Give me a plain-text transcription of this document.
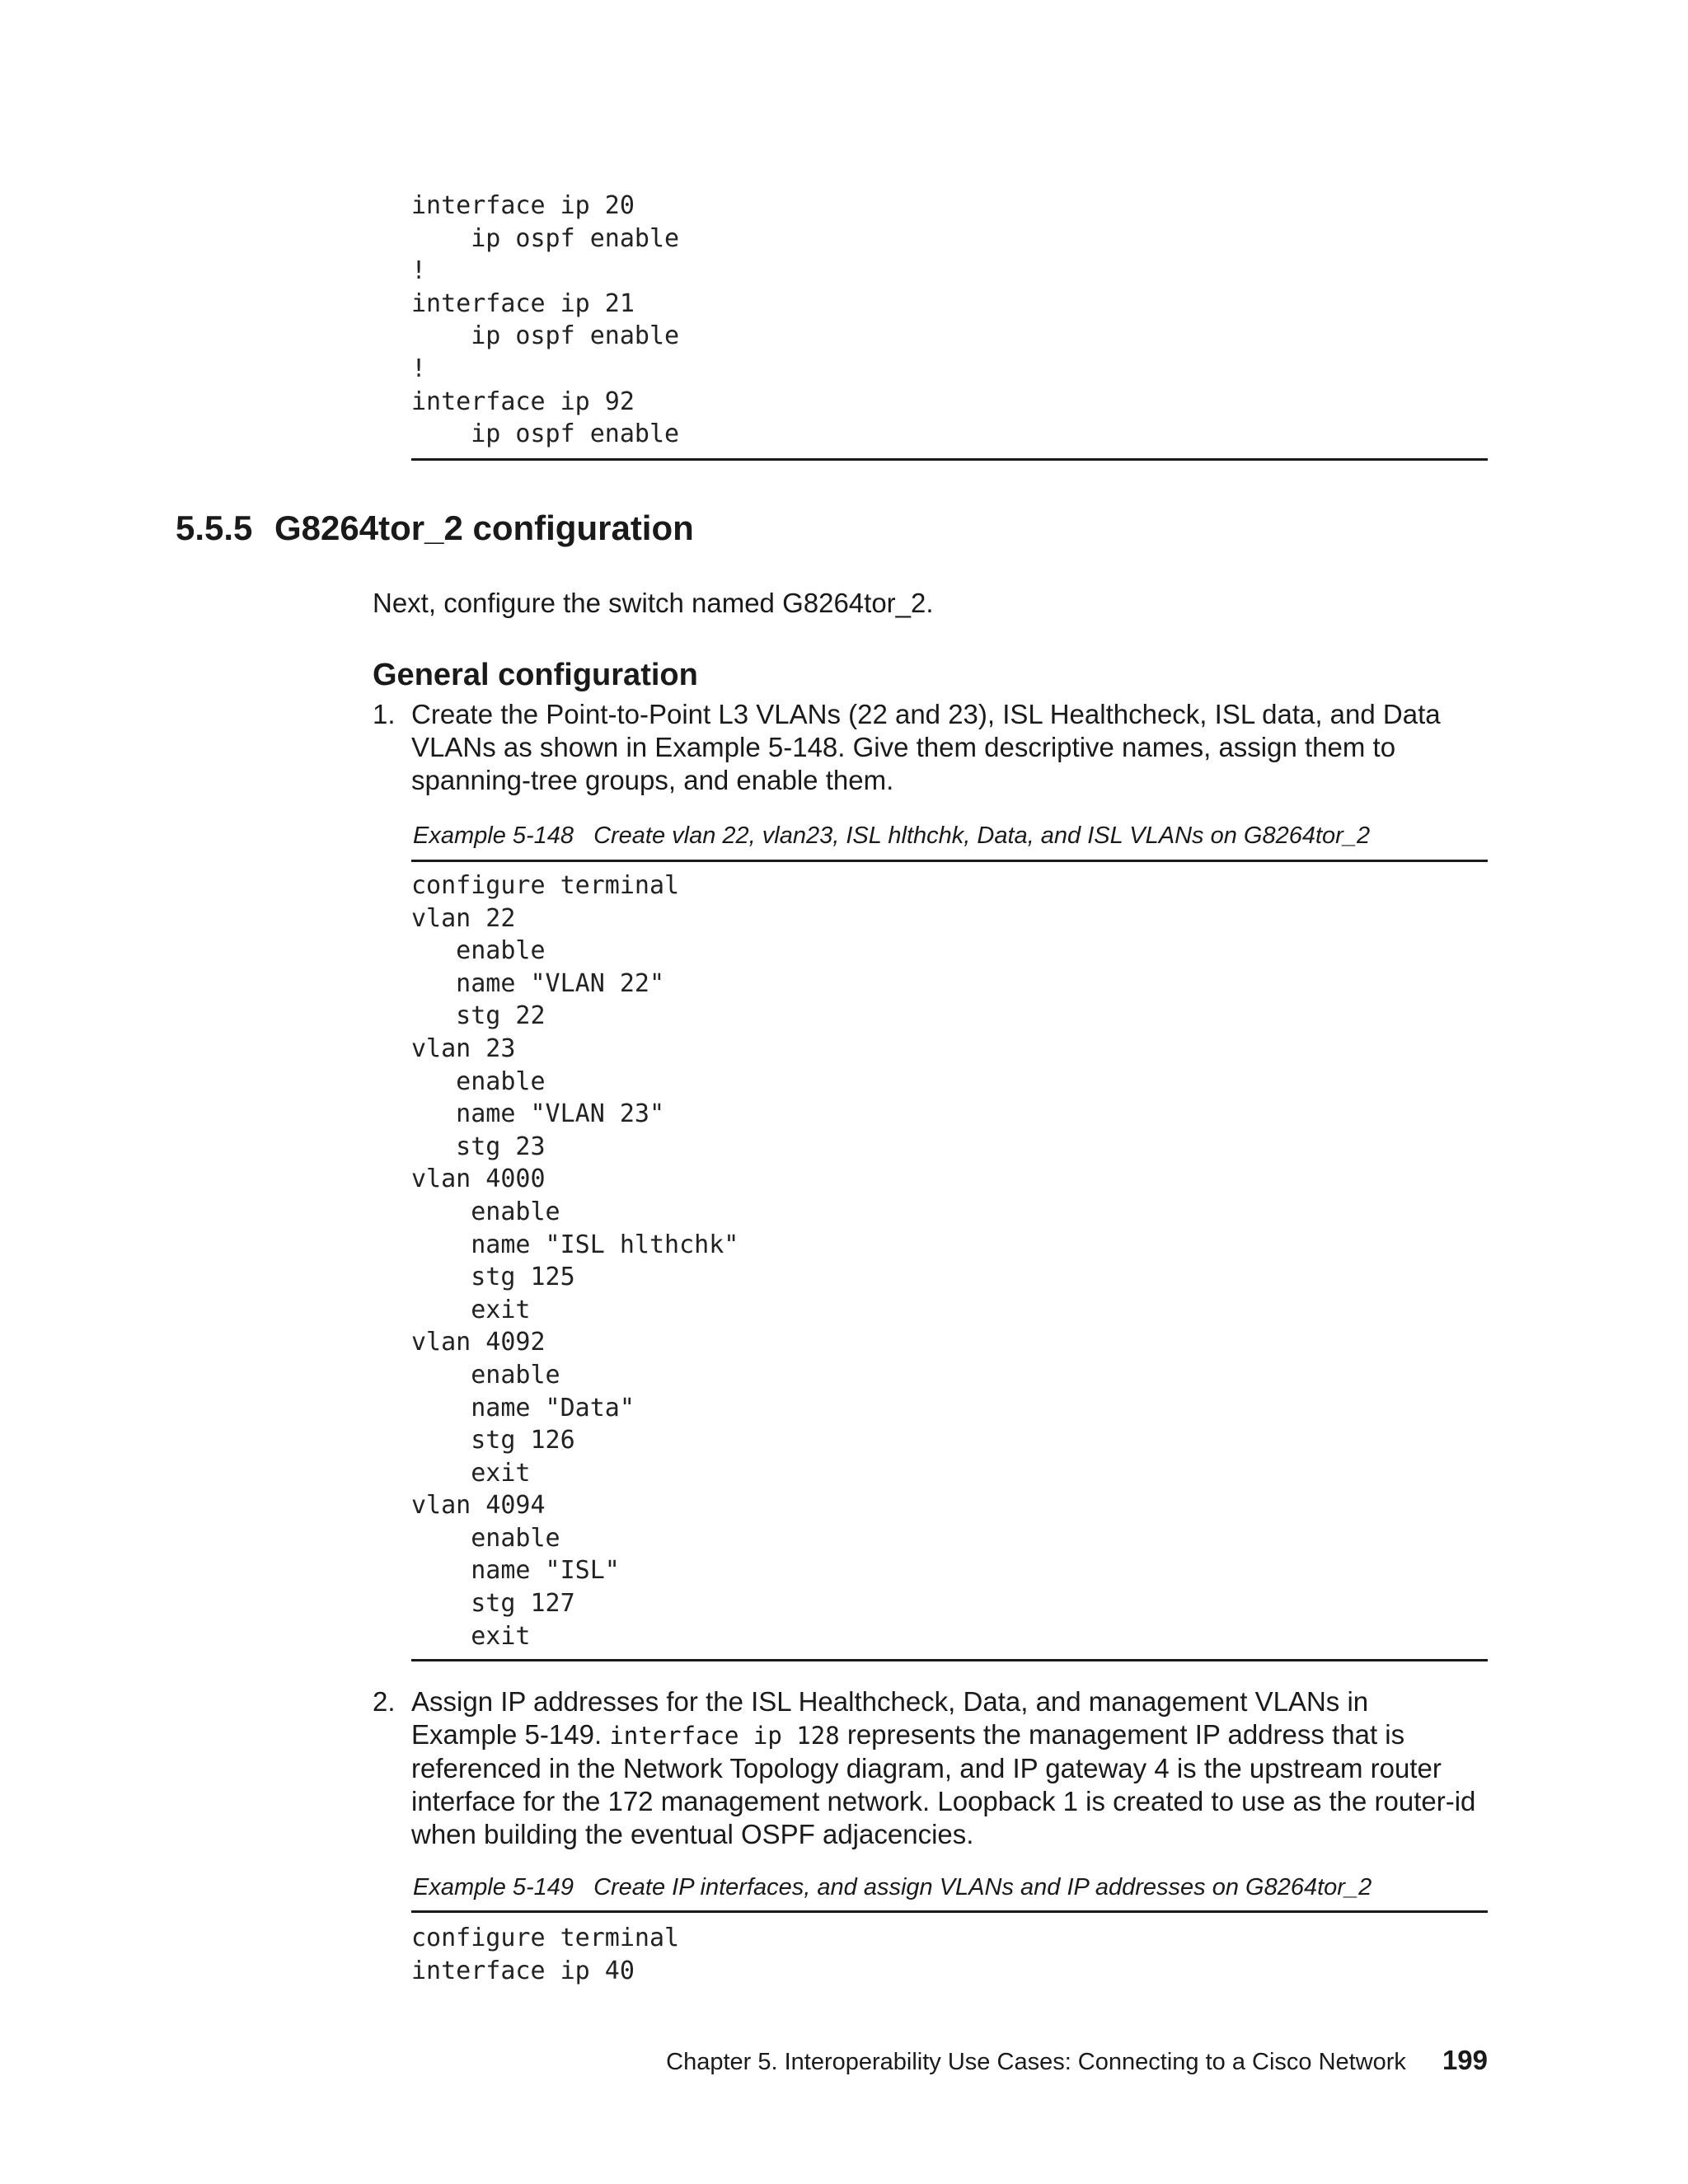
interface ip 20
ip ospf enable
!
interface ip 21
ip ospf enable
!
interface ip 92
ip ospf enable
5.5.5 G8264tor_2 configuration

Next, configure the switch named G8264tor_2.

General configuration
1. Create the Point-to-Point L3 VLANs (22 and 23), ISL Healthcheck, ISL data, and Data
VLANs as shown in Example 5-148. Give them descriptive names, assign them to
spanning-tree groups, and enable them.

Example 5-148 Create vlan 22, vlan23, ISL hlthchk, Data, and ISL VLANs on G8264tor_2

configure terminal
vlan 22
enable
name "VLAN 22"
stg 22
vlan 23
enable
name "VLAN 23"
stg 23
vlan 4000
enable
name "ISL hlthchk"
stg 125
exit
vlan 4092
enable
name "Data"
stg 126
exit
vlan 4094
enable
name "ISL"
stg 127
exit
2. Assign IP addresses for the ISL Healthcheck, Data, and management VLANs in
Example 5-149. interface ip 128 represents the management IP address that is
referenced in the Network Topology diagram, and IP gateway 4 is the upstream router
interface for the 172 management network. Loopback 1 is created to use as the router-id
when building the eventual OSPF adjacencies.

Example 5-149 Create IP interfaces, and assign VLANs and IP addresses on G8264tor_2

configure terminal
interface ip 40

Chapter 5. Interoperability Use Cases: Connecting to a Cisco Network 199
